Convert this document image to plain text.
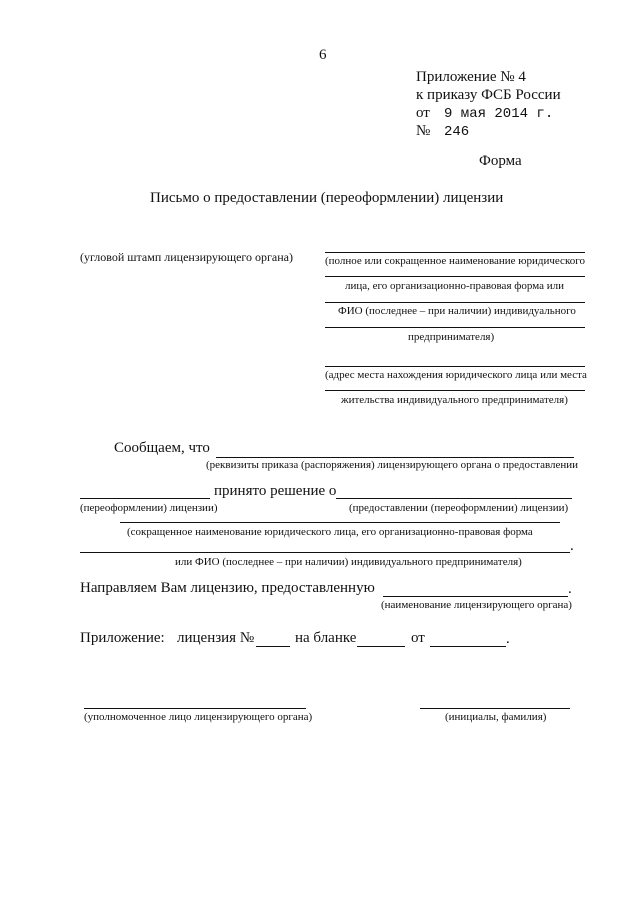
6
Приложение № 4
к приказу ФСБ России
от 9 мая 2014 г.
№ 246
Форма
Письмо о предоставлении (переоформлении) лицензии
(угловой штамп лицензирующего органа)	(полное или сокращенное наименование юридического
лица, его организационно-правовая форма или
ФИО (последнее – при наличии) индивидуального
предпринимателя)
(адрес места нахождения юридического лица или места
жительства индивидуального предпринимателя)
Сообщаем, что
(реквизиты приказа (распоряжения) лицензирующего органа о предоставлении
принято решение о
(переоформлении) лицензии)	(предоставлении (переоформлении) лицензии)
(сокращенное наименование юридического лица, его организационно-правовая форма
.
или ФИО (последнее – при наличии) индивидуального предпринимателя)
Направляем Вам лицензию, предоставленную	.
(наименование лицензирующего органа)
Приложение: лицензия №	на бланке	от	.
(уполномоченное лицо лицензирующего органа)	(инициалы, фамилия)
